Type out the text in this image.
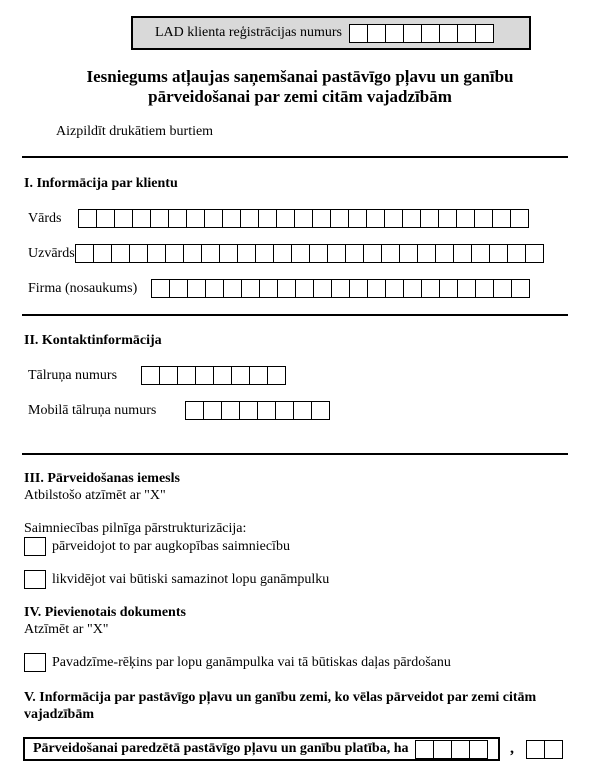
LAD klienta reģistrācijas numurs
Iesniegums atļaujas saņemšanai pastāvīgo pļavu un ganību
pārveidošanai par zemi citām vajadzībām
Aizpildīt drukātiem burtiem
I. Informācija par klientu
Vārds
Uzvārds
Firma (nosaukums)
II. Kontaktinformācija
Tālruņa numurs
Mobilā tālruņa numurs
III. Pārveidošanas iemesls
Atbilstošo atzīmēt ar "X"
Saimniecības pilnīga pārstrukturizācija:
pārveidojot to par augkopības saimniecību
likvidējot vai būtiski samazinot lopu ganāmpulku
IV. Pievienotais dokuments
Atzīmēt ar "X"
Pavadzīme-rēķins par lopu ganāmpulka vai tā būtiskas daļas pārdošanu
V. Informācija par pastāvīgo pļavu un ganību zemi, ko vēlas pārveidot par zemi citām
vajadzībām
Pārveidošanai paredzētā pastāvīgo pļavu un ganību platība, ha	,
